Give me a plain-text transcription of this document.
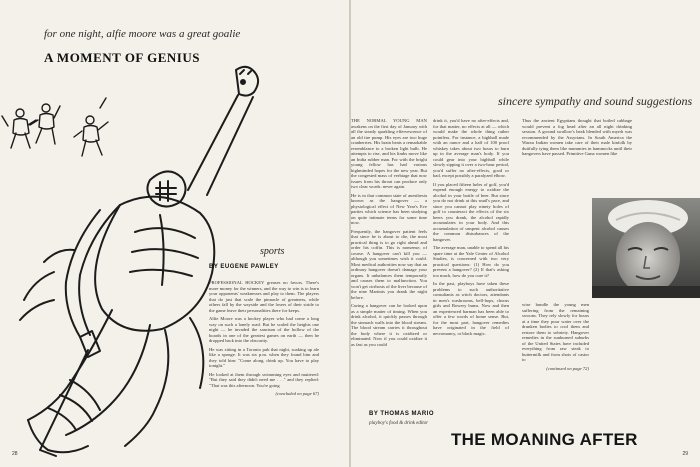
for one night, alfie moore was a great goalie
A MOMENT OF GENIUS
sports
BY EUGENE PAWLEY

PROFESSIONAL HOCKEY greases no favors. There's more money for the winners, and the way to win is to learn your opponents' weaknesses and play to them. The players that do just that scale the pinnacle of greatness, while others fall by the wayside and the losers of their stride to the game leave their personalities there for keeps.

Alfie Moore was a hockey player who had come a long way on such a lonely road. But he scaled the heights one night — he invaded the sanctum of the hollow of the boards in one of the greatest games on earth — then he dropped back into the obscurity.

He was sitting in a Toronto pub that night, soaking up ale like a sponge. It was six p.m. when they found him and they told him: "Come along, drink up. You have to play tonight."

He looked at them through swimming eyes and muttered: "But they said they didn't need me . . ." and they replied: "That was this afternoon. You're going

(concluded on page 67)
28
sincere sympathy and sound suggestions

THE NORMAL YOUNG MAN awakens on the first day of January with all the steady sparkling effervescence of an old tire pump. His eyes are two huge cranberries. His brain beats a remarkable resemblance to a broken light bulb. He attempts to rise, and his limbs move like an India rubber man. For with the bright young fellow has had various highminded hopes for the new year. But the congested mass of verbiage that now issues from his throat can produce only two clear words: never again.

He is in that common state of anesthesia known as the hangover — a physiological effect of New Year's Eve parties which science has been studying on quite intimate terms for some time now.

Frequently, the hangover patient feels that since he is about to die, the most practical thing is to go right ahead and order his coffin. This is nonsense, of course. A hangover can't kill you — although you sometimes wish it could. Most medical authorities now say that an ordinary hangover doesn't damage your organs. It unbalances them temporarily and causes them to malfunction. You won't get cirrhosis of the liver because of the nine Martinis you drank the night before.

Curing a hangover can be looked upon as a simple matter of timing. When you drink alcohol, it quickly passes through the stomach walls into the blood stream. The blood stream carries it throughout the body where it is oxidized or eliminated. Now if you could oxidize it as fast as you could

drink it, you'd have no after-effects and, for that matter, no effects at all — which would make the whole thing rather pointless. For instance, a highball made with an ounce and a half of 100 proof whiskey takes about two hours to burn up in the average man's body. If you could gear into your highball while slowly sipping it over a two-hour period, you'd suffer no after-effects, good or bad, except possibly a paralyzed elbow.

If you placed fifteen holes of golf, you'd expend enough energy to oxidize the alcohol in your bottle of beer. But since you do not drink at this snail's pace, and since you cannot play ninety holes of golf to counteract the effects of the six beers you drank, the alcohol rapidly accumulates in your body. And this accumulation of unspent alcohol causes the common disturbances of the hangover.

The average man, unable to spend all his spare time at the Yale Center of Alcohol Studies, is concerned with two very practical questions: (1) How do you prevent a hangover? (2) If that's asking too much, how do you cure it?

In the past, playboys have taken these problems to such authoritative consultants as witch doctors, attendants in men's washrooms, bell-hops, chorus girls and Bowery bums. Now and then an experienced barman has been able to offer a few words of home sense. But, for the most part, hangover remedies have originated in the field of necromancy, or black magic.

Thus the ancient Egyptians thought that boiled cabbage would prevent a fog head after an all night drinking session. A ground swallow's beak blended with myrrh was recommended by the Assyrians. In South America the Warau Indian women take care of their male kinfolk by dutifully tying them like mummies in hammocks until their hangovers have passed. Primitive Guna women like

wise bundle the young men suffering from the remaining swoons. They rely slowly for hours at a time they pour water over the drunken bodies to cool them and restore them to sobriety. Hangover remedies in the sunburned suburbs of the United States have included everything from raw steak to buttermilk and from shots of castor to

(continued on page 72)
BY THOMAS MARIO
playboy's food & drink editor
29
THE MOANING AFTER
